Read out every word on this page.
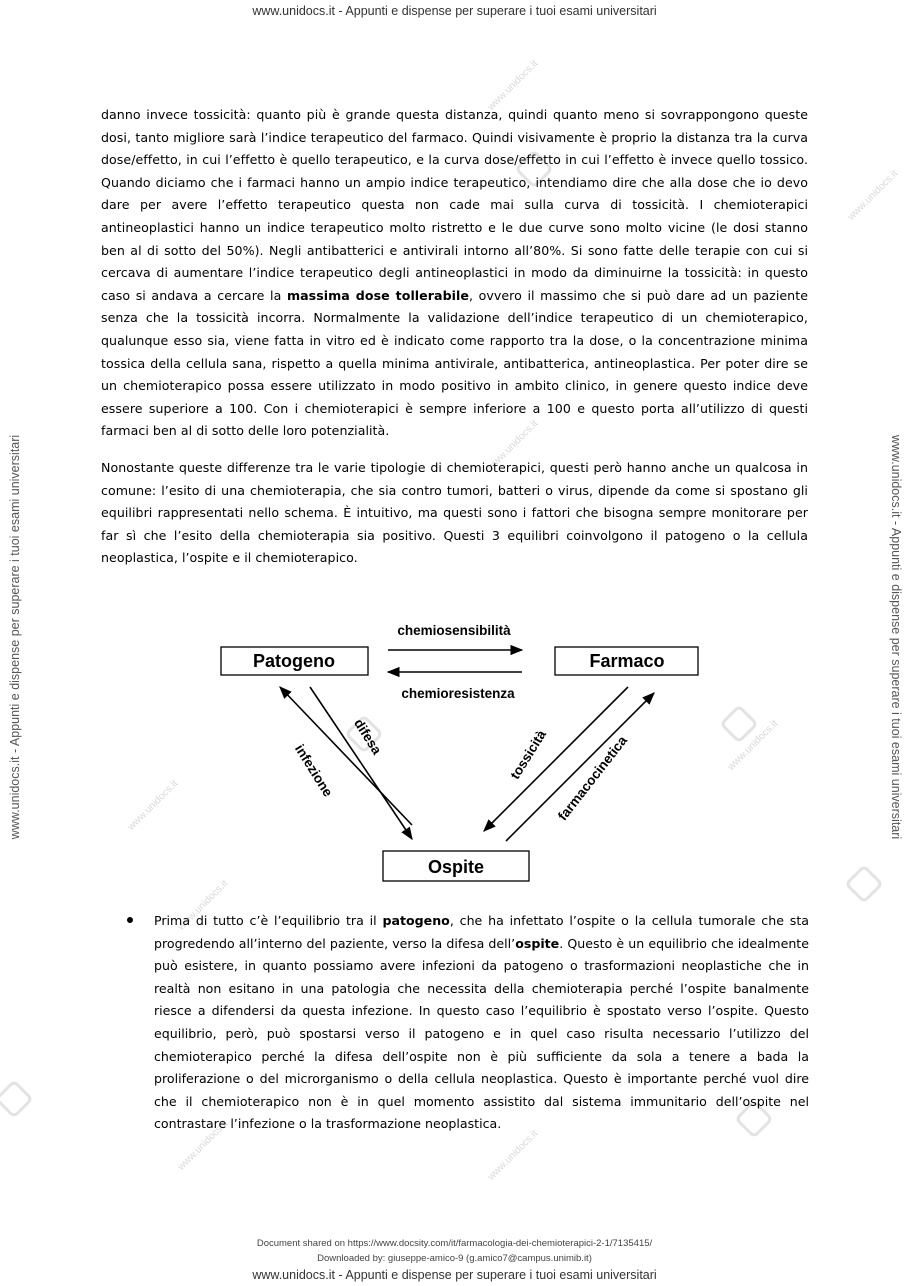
www.unidocs.it
www.unidocs.it
www.unidocs.it
www.unidocs.it
www.unidocs.it
www.unidocs.it
www.unidocs.it	www.unidocs.it
www.unidocs.it - Appunti e dispense per superare i tuoi esami universitari
www.unidocs.it - Appunti e dispense per superare i tuoi esami universitari	www.unidocs.it - Appunti e dispense per superare i tuoi esami universitari

danno invece tossicità: quanto più è grande questa distanza, quindi quanto meno si sovrappongono queste dosi, tanto migliore sarà l’indice terapeutico del farmaco. Quindi visivamente è proprio la distanza tra la curva dose/effetto, in cui l’effetto è quello terapeutico, e la curva dose/effetto in cui l’effetto è invece quello tossico. Quando diciamo che i farmaci hanno un ampio indice terapeutico, intendiamo dire che alla dose che io devo dare per avere l’effetto terapeutico questa non cade mai sulla curva di tossicità. I chemioterapici antineoplastici hanno un indice terapeutico molto ristretto e le due curve sono molto vicine (le dosi stanno ben al di sotto del 50%). Negli antibatterici e antivirali intorno all’80%. Si sono fatte delle terapie con cui si cercava di aumentare l’indice terapeutico degli antineoplastici in modo da diminuirne la tossicità: in questo caso si andava a cercare la massima dose tollerabile, ovvero il massimo che si può dare ad un paziente senza che la tossicità incorra. Normalmente la validazione dell’indice terapeutico di un chemioterapico, qualunque esso sia, viene fatta in vitro ed è indicato come rapporto tra la dose, o la concentrazione minima tossica della cellula sana, rispetto a quella minima antivirale, antibatterica, antineoplastica. Per poter dire se un chemioterapico possa essere utilizzato in modo positivo in ambito clinico, in genere questo indice deve essere superiore a 100. Con i chemioterapici è sempre inferiore a 100 e questo porta all’utilizzo di questi farmaci ben al di sotto delle loro potenzialità.

Nonostante queste differenze tra le varie tipologie di chemioterapici, questi però hanno anche un qualcosa in comune: l’esito di una chemioterapia, che sia contro tumori, batteri o virus, dipende da come si spostano gli equilibri rappresentati nello schema. È intuitivo, ma questi sono i fattori che bisogna sempre monitorare per far sì che l’esito della chemioterapia sia positivo. Questi 3 equilibri coinvolgono il patogeno o la cellula neoplastica, l’ospite e il chemioterapico.

Patogeno	Farmaco
Ospite
chemiosensibilità
chemioresistenza
difesa
infezione	tossicità farmacocinetica

Prima di tutto c’è l’equilibrio tra il patogeno, che ha infettato l’ospite o la cellula tumorale che sta progredendo all’interno del paziente, verso la difesa dell’ospite. Questo è un equilibrio che idealmente può esistere, in quanto possiamo avere infezioni da patogeno o trasformazioni neoplastiche che in realtà non esitano in una patologia che necessita della chemioterapia perché l’ospite banalmente riesce a difendersi da questa infezione. In questo caso l’equilibrio è spostato verso l’ospite. Questo equilibrio, però, può spostarsi verso il patogeno e in quel caso risulta necessario l’utilizzo del chemioterapico perché la difesa dell’ospite non è più sufficiente da sola a tenere a bada la proliferazione o del microrganismo o della cellula neoplastica. Questo è importante perché vuol dire che il chemioterapico non è in quel momento assistito dal sistema immunitario dell’ospite nel contrastare l’infezione o la trasformazione neoplastica.

Document shared on https://www.docsity.com/it/farmacologia-dei-chemioterapici-2-1/7135415/
Downloaded by: giuseppe-amico-9 (g.amico7@campus.unimib.it)
www.unidocs.it - Appunti e dispense per superare i tuoi esami universitari
